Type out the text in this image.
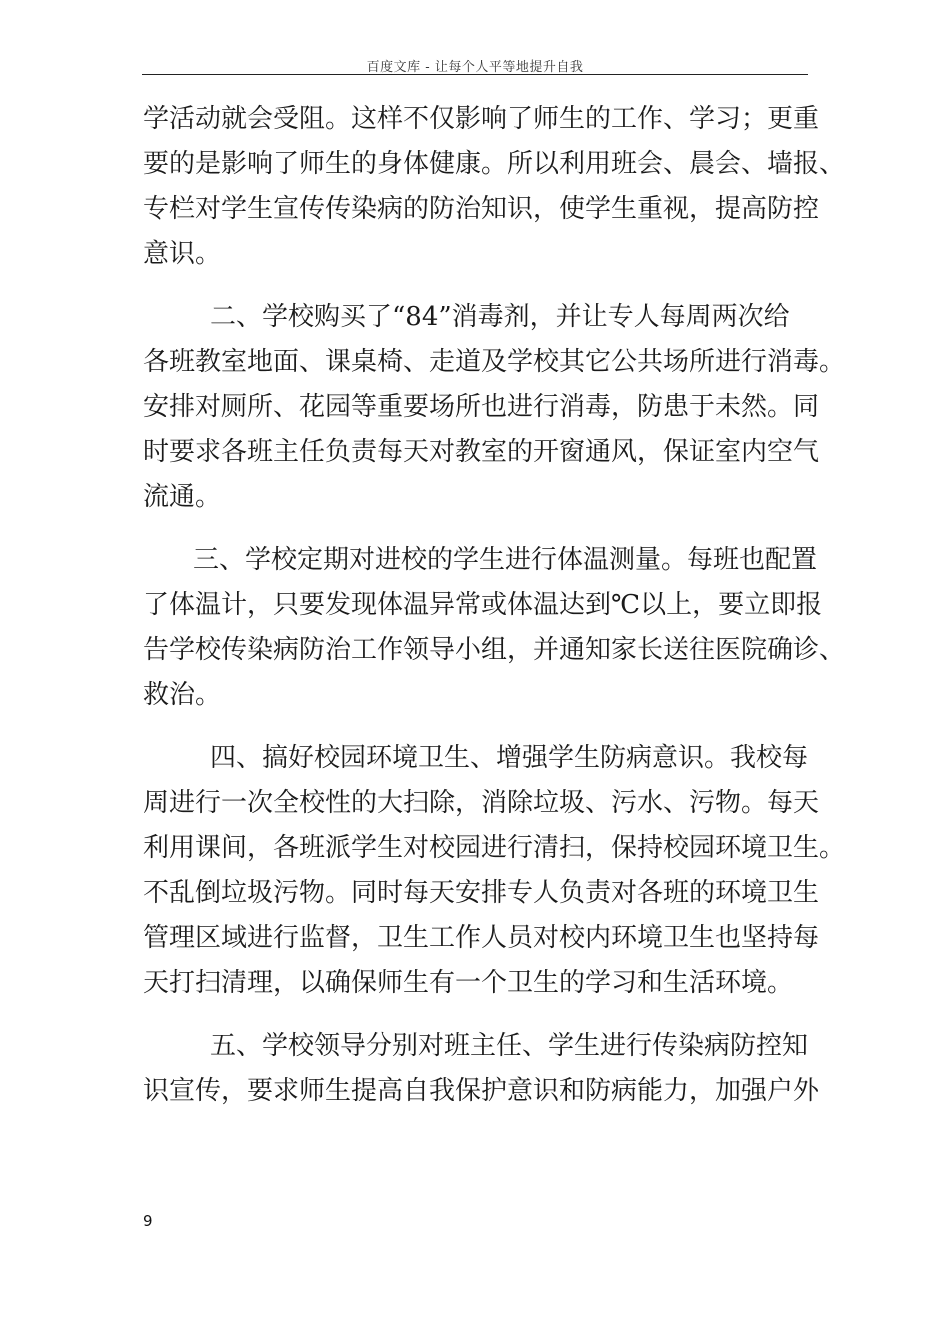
百度文库 - 让每个人平等地提升自我
学活动就会受阻。这样不仅影响了师生的工作、学习；更重
要的是影响了师生的身体健康。所以利用班会、晨会、墙报、
专栏对学生宣传传染病的防治知识，使学生重视，提高防控
意识。
二、学校购买了“84”消毒剂，并让专人每周两次给
各班教室地面、课桌椅、走道及学校其它公共场所进行消毒。
安排对厕所、花园等重要场所也进行消毒，防患于未然。同
时要求各班主任负责每天对教室的开窗通风，保证室内空气
流通。
三、学校定期对进校的学生进行体温测量。每班也配置
了体温计，只要发现体温异常或体温达到℃以上，要立即报
告学校传染病防治工作领导小组，并通知家长送往医院确诊、
救治。
四、搞好校园环境卫生、增强学生防病意识。我校每
周进行一次全校性的大扫除，消除垃圾、污水、污物。每天
利用课间，各班派学生对校园进行清扫，保持校园环境卫生。
不乱倒垃圾污物。同时每天安排专人负责对各班的环境卫生
管理区域进行监督，卫生工作人员对校内环境卫生也坚持每
天打扫清理，以确保师生有一个卫生的学习和生活环境。
五、学校领导分别对班主任、学生进行传染病防控知
识宣传，要求师生提高自我保护意识和防病能力，加强户外
9
